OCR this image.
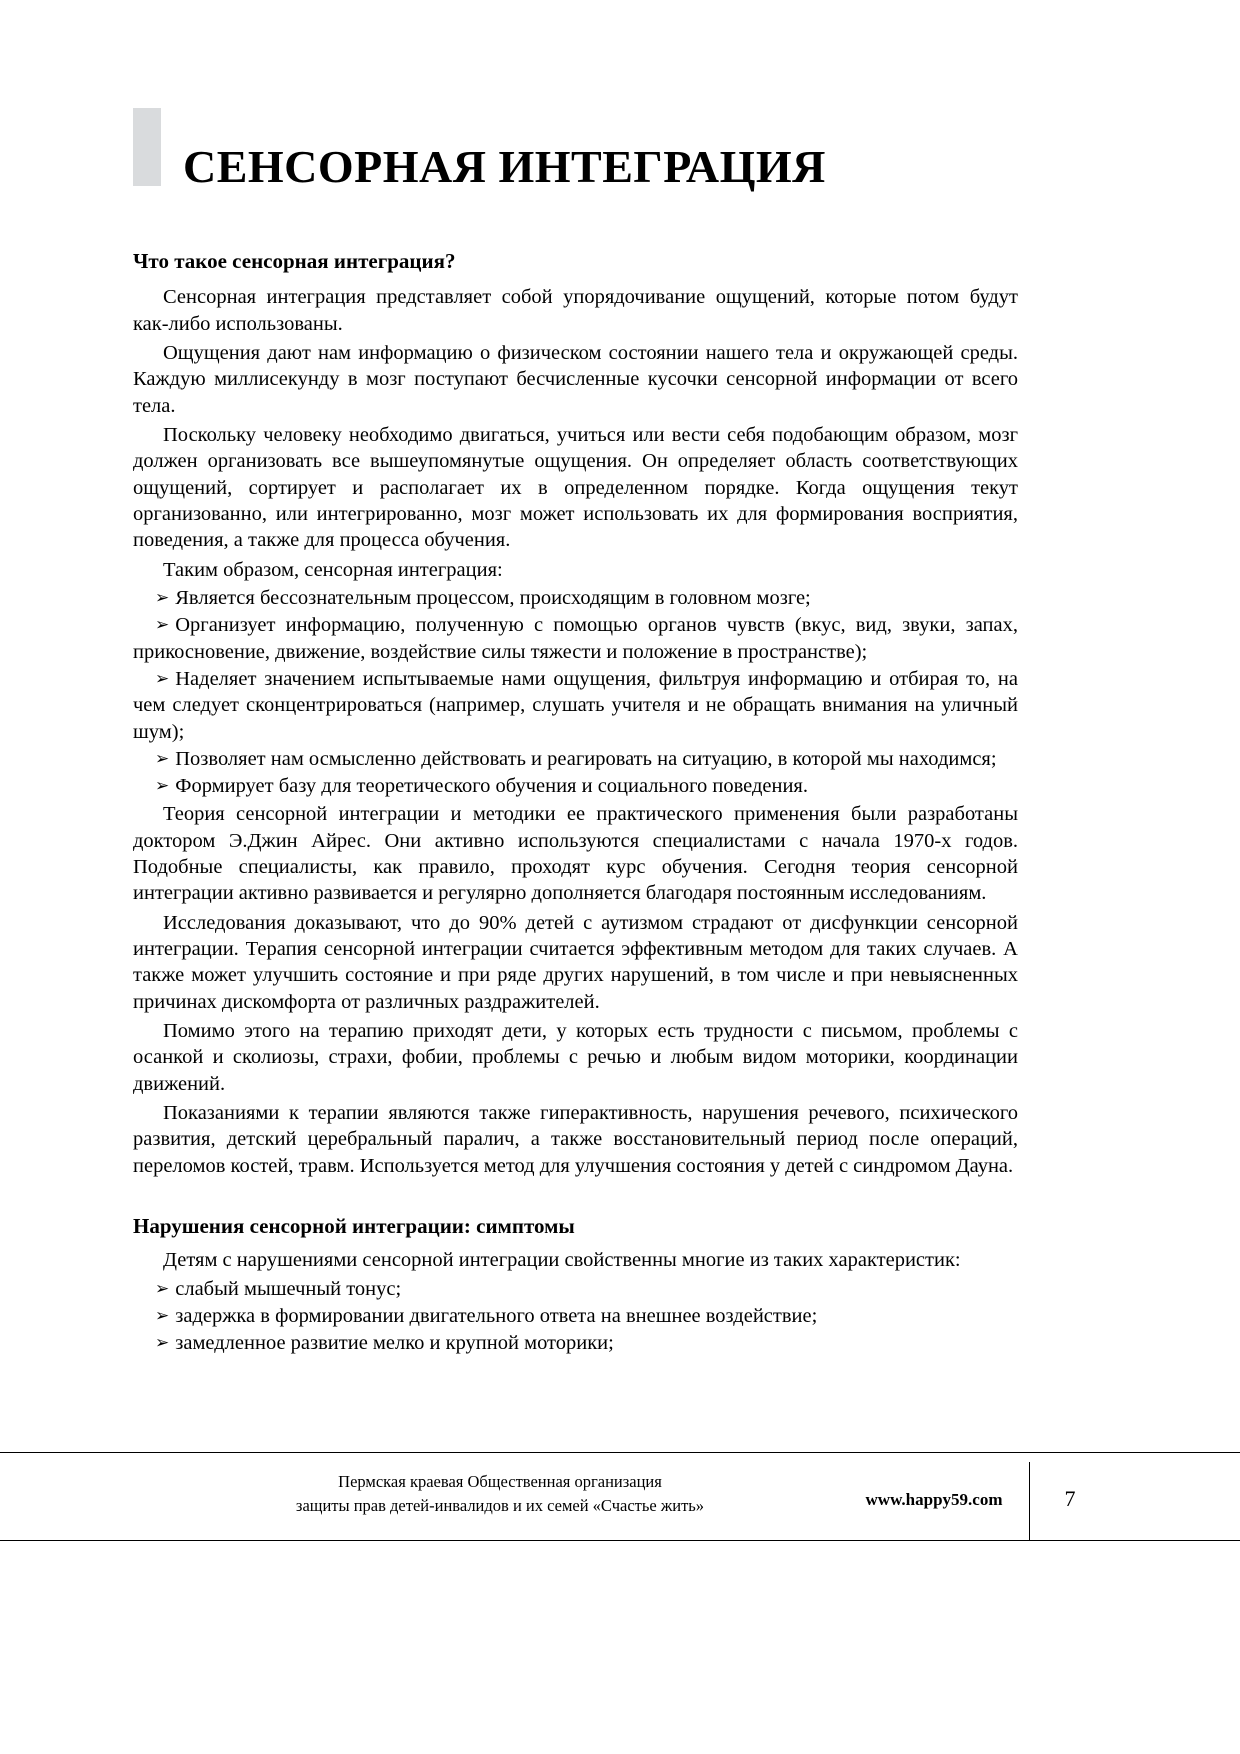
СЕНСОРНАЯ ИНТЕГРАЦИЯ
Что такое сенсорная интеграция?

Сенсорная интеграция представляет собой упорядочивание ощущений, которые потом будут как‑либо использованы.

Ощущения дают нам информацию о физическом состоянии нашего тела и окружающей среды. Каждую миллисекунду в мозг поступают бесчисленные кусочки сенсорной информации от всего тела.

Поскольку человеку необходимо двигаться, учиться или вести себя подобающим образом, мозг должен организовать все вышеупомянутые ощущения. Он определяет область соответствующих ощущений, сортирует и располагает их в определенном порядке. Когда ощущения текут организованно, или интегрированно, мозг может использовать их для формирования восприятия, поведения, а также для процесса обучения.

Таким образом, сенсорная интеграция:

➢ Является бессознательным процессом, происходящим в головном мозге;
➢ Организует информацию, полученную с помощью органов чувств (вкус, вид, звуки, запах, прикосновение, движение, воздействие силы тяжести и положение в пространстве);
➢ Наделяет значением испытываемые нами ощущения, фильтруя информацию и отбирая то, на чем следует сконцентрироваться (например, слушать учителя и не обращать внимания на уличный шум);
➢ Позволяет нам осмысленно действовать и реагировать на ситуацию, в которой мы находимся;
➢ Формирует базу для теоретического обучения и социального поведения.

Теория сенсорной интеграции и методики ее практического применения были разработаны доктором Э.Джин Айрес. Они активно используются специалистами с начала 1970‑х годов. Подобные специалисты, как правило, проходят курс обучения. Сегодня теория сенсорной интеграции активно развивается и регулярно дополняется благодаря постоянным исследованиям.

Исследования доказывают, что до 90% детей с аутизмом страдают от дисфункции сенсорной интеграции. Терапия сенсорной интеграции считается эффективным методом для таких случаев. А также может улучшить состояние и при ряде других нарушений, в том числе и при невыясненных причинах дискомфорта от различных раздражителей.

Помимо этого на терапию приходят дети, у которых есть трудности с письмом, проблемы с осанкой и сколиозы, страхи, фобии, проблемы с речью и любым видом моторики, координации движений.

Показаниями к терапии являются также гиперактивность, нарушения речевого, психического развития, детский церебральный паралич, а также восстановительный период после операций, переломов костей, травм. Используется метод для улучшения состояния у детей с синдромом Дауна.

Нарушения сенсорной интеграции: симптомы

Детям с нарушениями сенсорной интеграции свойственны многие из таких характеристик:

➢ слабый мышечный тонус;
➢ задержка в формировании двигательного ответа на внешнее воздействие;
➢ замедленное развитие мелко и крупной моторики;
Пермская краевая Общественная организация
защиты прав детей-инвалидов и их семей «Счастье жить»	www.happy59.com	7
